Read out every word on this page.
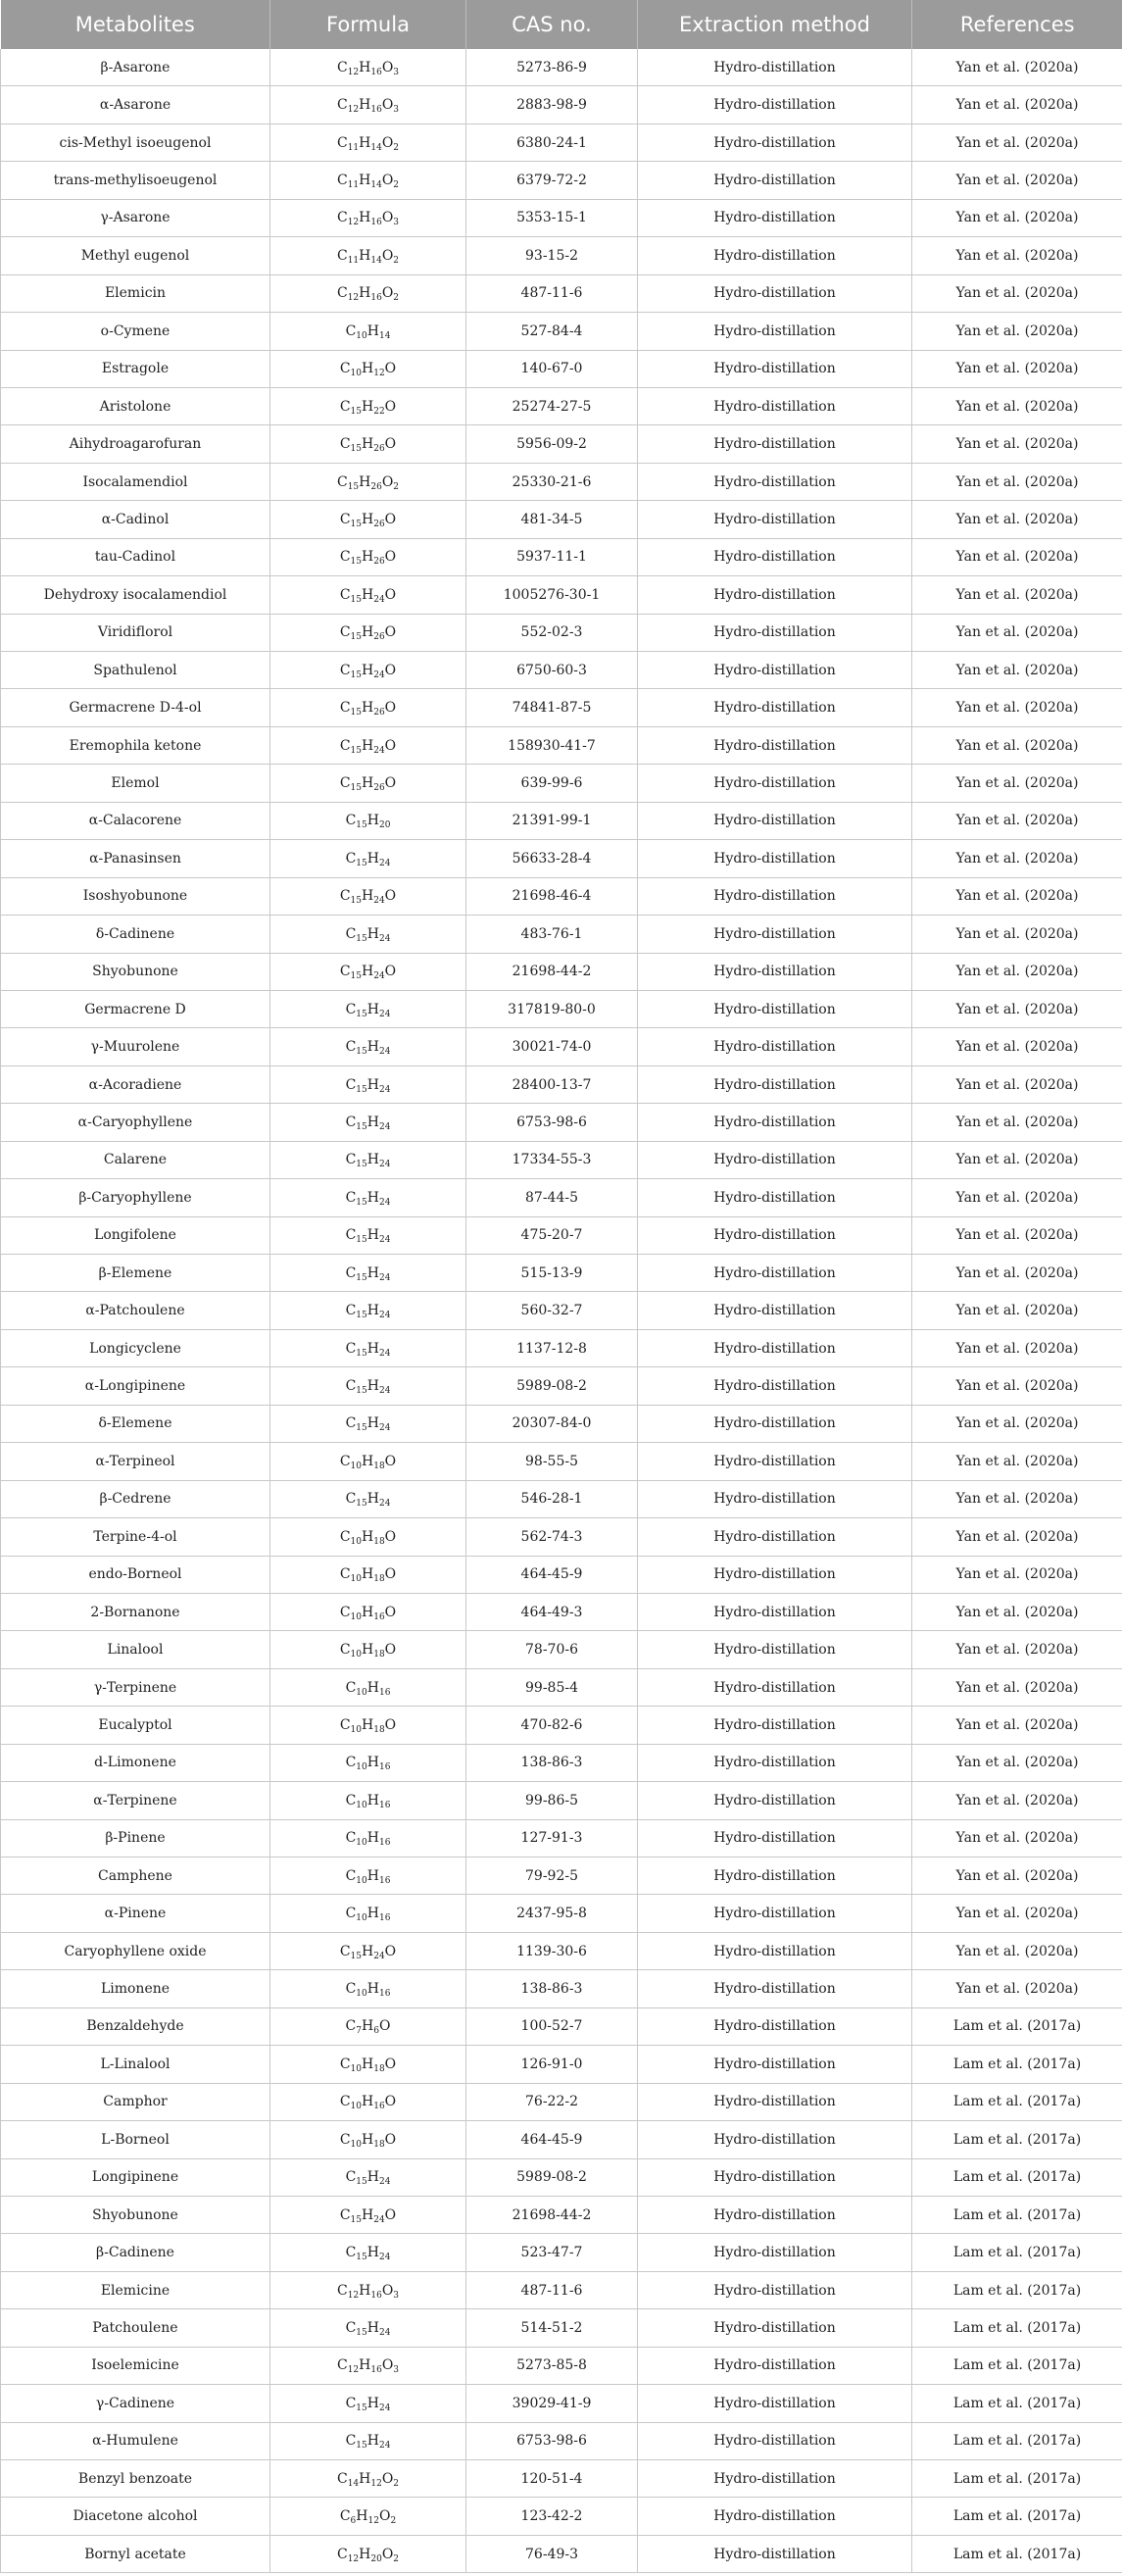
Metabolites	Formula	CAS no.	Extraction method	References
β-Asarone	$C_{12}H_{16}O_3$	5273-86-9	Hydro-distillation	Yan et al. (2020a)
α-Asarone	$C_{12}H_{16}O_3$	2883-98-9	Hydro-distillation	Yan et al. (2020a)
cis-Methyl isoeugenol	$C_{11}H_{14}O_2$	6380-24-1	Hydro-distillation	Yan et al. (2020a)
trans-methylisoeugenol	$C_{11}H_{14}O_2$	6379-72-2	Hydro-distillation	Yan et al. (2020a)
γ-Asarone	$C_{12}H_{16}O_3$	5353-15-1	Hydro-distillation	Yan et al. (2020a)
Methyl eugenol	$C_{11}H_{14}O_2$	93-15-2	Hydro-distillation	Yan et al. (2020a)
Elemicin	$C_{12}H_{16}O_2$	487-11-6	Hydro-distillation	Yan et al. (2020a)
o-Cymene	$C_{10}H_{14}$	527-84-4	Hydro-distillation	Yan et al. (2020a)
Estragole	$C_{10}H_{12}O$	140-67-0	Hydro-distillation	Yan et al. (2020a)
Aristolone	$C_{15}H_{22}O$	25274-27-5	Hydro-distillation	Yan et al. (2020a)
Aihydroagarofuran	$C_{15}H_{26}O$	5956-09-2	Hydro-distillation	Yan et al. (2020a)
Isocalamendiol	$C_{15}H_{26}O_2$	25330-21-6	Hydro-distillation	Yan et al. (2020a)
α-Cadinol	$C_{15}H_{26}O$	481-34-5	Hydro-distillation	Yan et al. (2020a)
tau-Cadinol	$C_{15}H_{26}O$	5937-11-1	Hydro-distillation	Yan et al. (2020a)
Dehydroxy isocalamendiol	$C_{15}H_{24}O$	1005276-30-1	Hydro-distillation	Yan et al. (2020a)
Viridiflorol	$C_{15}H_{26}O$	552-02-3	Hydro-distillation	Yan et al. (2020a)
Spathulenol	$C_{15}H_{24}O$	6750-60-3	Hydro-distillation	Yan et al. (2020a)
Germacrene D-4-ol	$C_{15}H_{26}O$	74841-87-5	Hydro-distillation	Yan et al. (2020a)
Eremophila ketone	$C_{15}H_{24}O$	158930-41-7	Hydro-distillation	Yan et al. (2020a)
Elemol	$C_{15}H_{26}O$	639-99-6	Hydro-distillation	Yan et al. (2020a)
α-Calacorene	$C_{15}H_{20}$	21391-99-1	Hydro-distillation	Yan et al. (2020a)
α-Panasinsen	$C_{15}H_{24}$	56633-28-4	Hydro-distillation	Yan et al. (2020a)
Isoshyobunone	$C_{15}H_{24}O$	21698-46-4	Hydro-distillation	Yan et al. (2020a)
δ-Cadinene	$C_{15}H_{24}$	483-76-1	Hydro-distillation	Yan et al. (2020a)
Shyobunone	$C_{15}H_{24}O$	21698-44-2	Hydro-distillation	Yan et al. (2020a)
Germacrene D	$C_{15}H_{24}$	317819-80-0	Hydro-distillation	Yan et al. (2020a)
γ-Muurolene	$C_{15}H_{24}$	30021-74-0	Hydro-distillation	Yan et al. (2020a)
α-Acoradiene	$C_{15}H_{24}$	28400-13-7	Hydro-distillation	Yan et al. (2020a)
α-Caryophyllene	$C_{15}H_{24}$	6753-98-6	Hydro-distillation	Yan et al. (2020a)
Calarene	$C_{15}H_{24}$	17334-55-3	Hydro-distillation	Yan et al. (2020a)
β-Caryophyllene	$C_{15}H_{24}$	87-44-5	Hydro-distillation	Yan et al. (2020a)
Longifolene	$C_{15}H_{24}$	475-20-7	Hydro-distillation	Yan et al. (2020a)
β-Elemene	$C_{15}H_{24}$	515-13-9	Hydro-distillation	Yan et al. (2020a)
α-Patchoulene	$C_{15}H_{24}$	560-32-7	Hydro-distillation	Yan et al. (2020a)
Longicyclene	$C_{15}H_{24}$	1137-12-8	Hydro-distillation	Yan et al. (2020a)
α-Longipinene	$C_{15}H_{24}$	5989-08-2	Hydro-distillation	Yan et al. (2020a)
δ-Elemene	$C_{15}H_{24}$	20307-84-0	Hydro-distillation	Yan et al. (2020a)
α-Terpineol	$C_{10}H_{18}O$	98-55-5	Hydro-distillation	Yan et al. (2020a)
β-Cedrene	$C_{15}H_{24}$	546-28-1	Hydro-distillation	Yan et al. (2020a)
Terpine-4-ol	$C_{10}H_{18}O$	562-74-3	Hydro-distillation	Yan et al. (2020a)
endo-Borneol	$C_{10}H_{18}O$	464-45-9	Hydro-distillation	Yan et al. (2020a)
2-Bornanone	$C_{10}H_{16}O$	464-49-3	Hydro-distillation	Yan et al. (2020a)
Linalool	$C_{10}H_{18}O$	78-70-6	Hydro-distillation	Yan et al. (2020a)
γ-Terpinene	$C_{10}H_{16}$	99-85-4	Hydro-distillation	Yan et al. (2020a)
Eucalyptol	$C_{10}H_{18}O$	470-82-6	Hydro-distillation	Yan et al. (2020a)
d-Limonene	$C_{10}H_{16}$	138-86-3	Hydro-distillation	Yan et al. (2020a)
α-Terpinene	$C_{10}H_{16}$	99-86-5	Hydro-distillation	Yan et al. (2020a)
β-Pinene	$C_{10}H_{16}$	127-91-3	Hydro-distillation	Yan et al. (2020a)
Camphene	$C_{10}H_{16}$	79-92-5	Hydro-distillation	Yan et al. (2020a)
α-Pinene	$C_{10}H_{16}$	2437-95-8	Hydro-distillation	Yan et al. (2020a)
Caryophyllene oxide	$C_{15}H_{24}O$	1139-30-6	Hydro-distillation	Yan et al. (2020a)
Limonene	$C_{10}H_{16}$	138-86-3	Hydro-distillation	Yan et al. (2020a)
Benzaldehyde	$C_7H_6O$	100-52-7	Hydro-distillation	Lam et al. (2017a)
L-Linalool	$C_{10}H_{18}O$	126-91-0	Hydro-distillation	Lam et al. (2017a)
Camphor	$C_{10}H_{16}O$	76-22-2	Hydro-distillation	Lam et al. (2017a)
L-Borneol	$C_{10}H_{18}O$	464-45-9	Hydro-distillation	Lam et al. (2017a)
Longipinene	$C_{15}H_{24}$	5989-08-2	Hydro-distillation	Lam et al. (2017a)
Shyobunone	$C_{15}H_{24}O$	21698-44-2	Hydro-distillation	Lam et al. (2017a)
β-Cadinene	$C_{15}H_{24}$	523-47-7	Hydro-distillation	Lam et al. (2017a)
Elemicine	$C_{12}H_{16}O_3$	487-11-6	Hydro-distillation	Lam et al. (2017a)
Patchoulene	$C_{15}H_{24}$	514-51-2	Hydro-distillation	Lam et al. (2017a)
Isoelemicine	$C_{12}H_{16}O_3$	5273-85-8	Hydro-distillation	Lam et al. (2017a)
γ-Cadinene	$C_{15}H_{24}$	39029-41-9	Hydro-distillation	Lam et al. (2017a)
α-Humulene	$C_{15}H_{24}$	6753-98-6	Hydro-distillation	Lam et al. (2017a)
Benzyl benzoate	$C_{14}H_{12}O_2$	120-51-4	Hydro-distillation	Lam et al. (2017a)
Diacetone alcohol	$C_6H_{12}O_2$	123-42-2	Hydro-distillation	Lam et al. (2017a)
Bornyl acetate	$C_{12}H_{20}O_2$	76-49-3	Hydro-distillation	Lam et al. (2017a)
